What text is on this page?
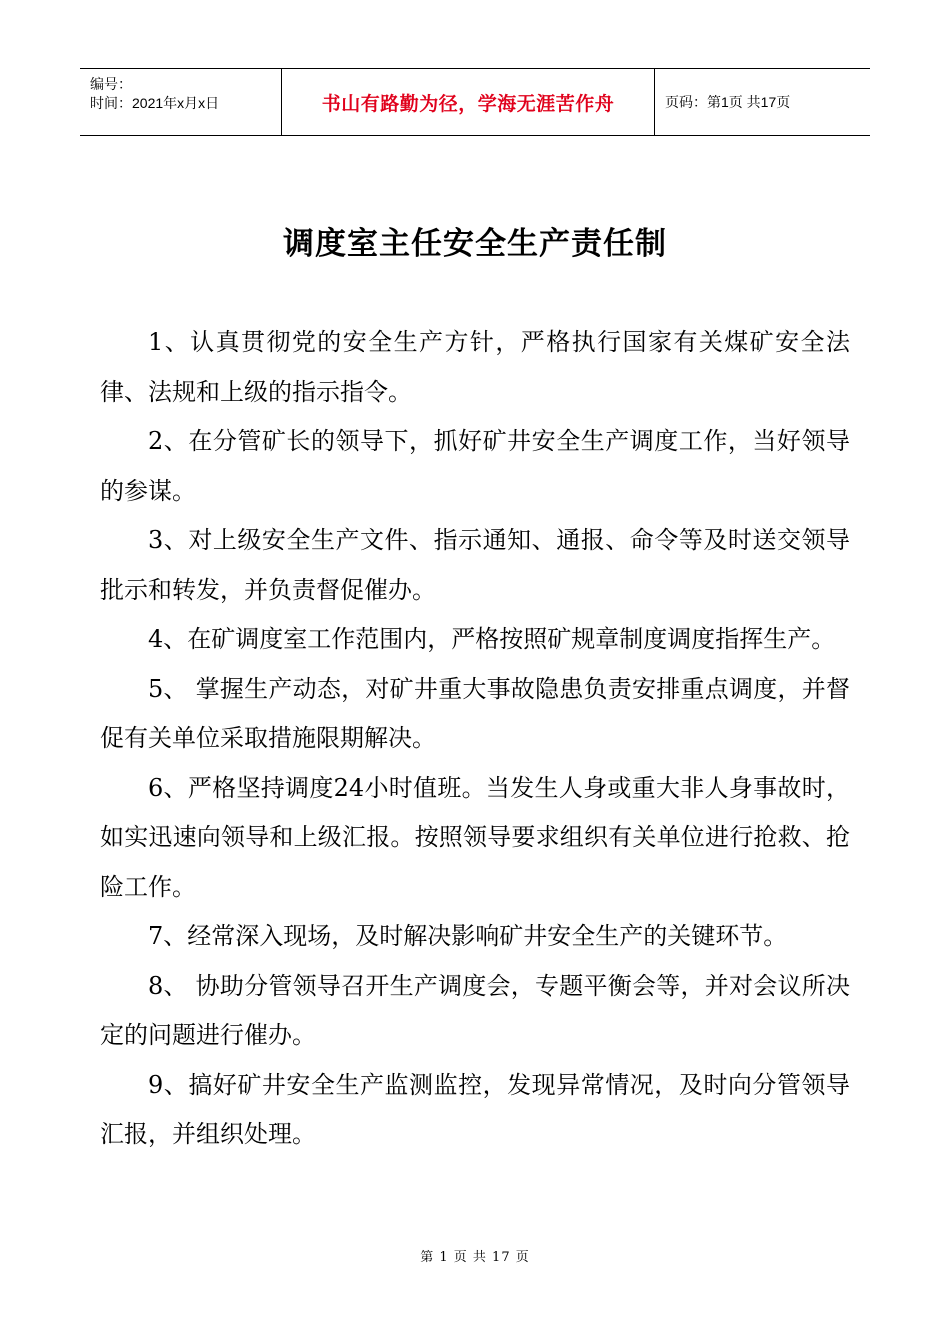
编号：
时间：2021年x月x日	书山有路勤为径，学海无涯苦作舟	页码：第1页 共17页
调度室主任安全生产责任制

1、认真贯彻党的安全生产方针，严格执行国家有关煤矿安全法律、法规和上级的指示指令。

2、在分管矿长的领导下，抓好矿井安全生产调度工作，当好领导的参谋。

3、对上级安全生产文件、指示通知、通报、命令等及时送交领导批示和转发，并负责督促催办。

4、在矿调度室工作范围内，严格按照矿规章制度调度指挥生产。

5、 掌握生产动态，对矿井重大事故隐患负责安排重点调度，并督促有关单位采取措施限期解决。

6、严格坚持调度24小时值班。当发生人身或重大非人身事故时，如实迅速向领导和上级汇报。按照领导要求组织有关单位进行抢救、抢险工作。

7、经常深入现场，及时解决影响矿井安全生产的关键环节。

8、 协助分管领导召开生产调度会，专题平衡会等，并对会议所决定的问题进行催办。

9、搞好矿井安全生产监测监控，发现异常情况，及时向分管领导汇报，并组织处理。

第 1 页 共 17 页
